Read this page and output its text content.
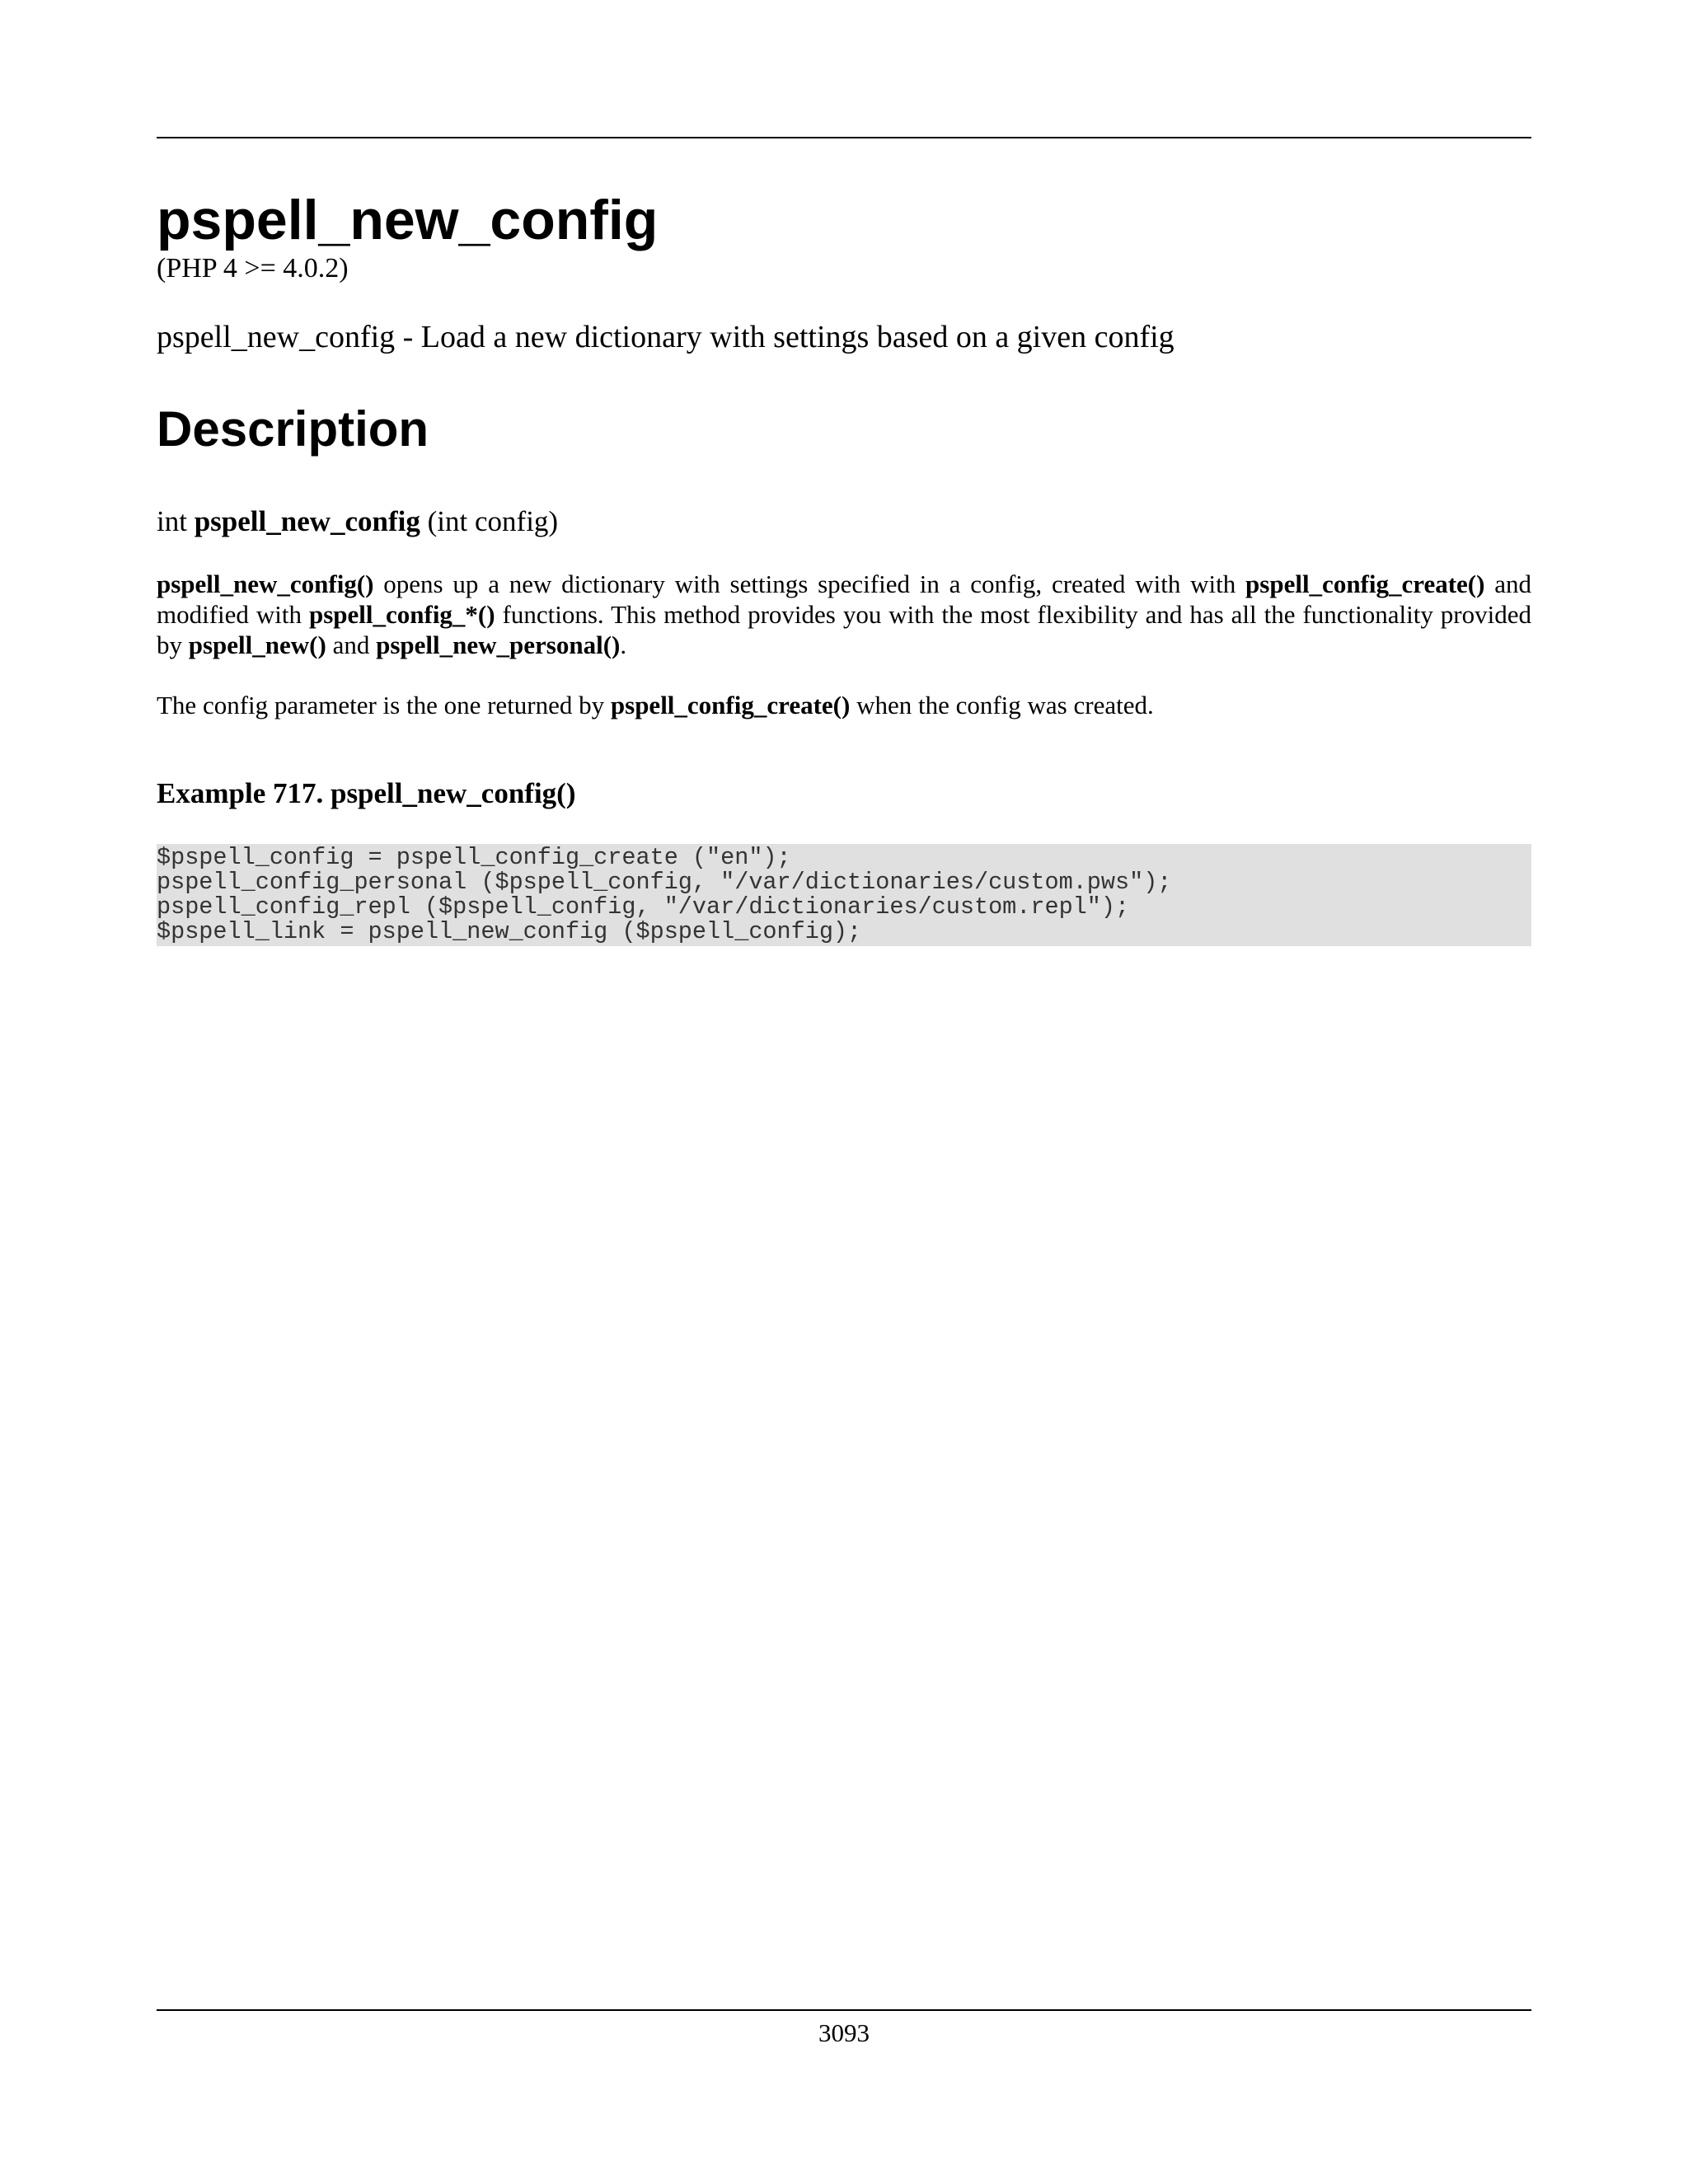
pspell_new_config
(PHP 4 >= 4.0.2)
pspell_new_config - Load a new dictionary with settings based on a given config
Description
int pspell_new_config (int config)

pspell_new_config() opens up a new dictionary with settings specified in a config, created with with pspell_config_create() and modified with pspell_config_*() functions. This method provides you with the most flexibility and has all the functionality provided by pspell_new() and pspell_new_personal().

The config parameter is the one returned by pspell_config_create() when the config was created.

Example 717. pspell_new_config()
$pspell_config = pspell_config_create ("en");
pspell_config_personal ($pspell_config, "/var/dictionaries/custom.pws");
pspell_config_repl ($pspell_config, "/var/dictionaries/custom.repl");
$pspell_link = pspell_new_config ($pspell_config);
3093
